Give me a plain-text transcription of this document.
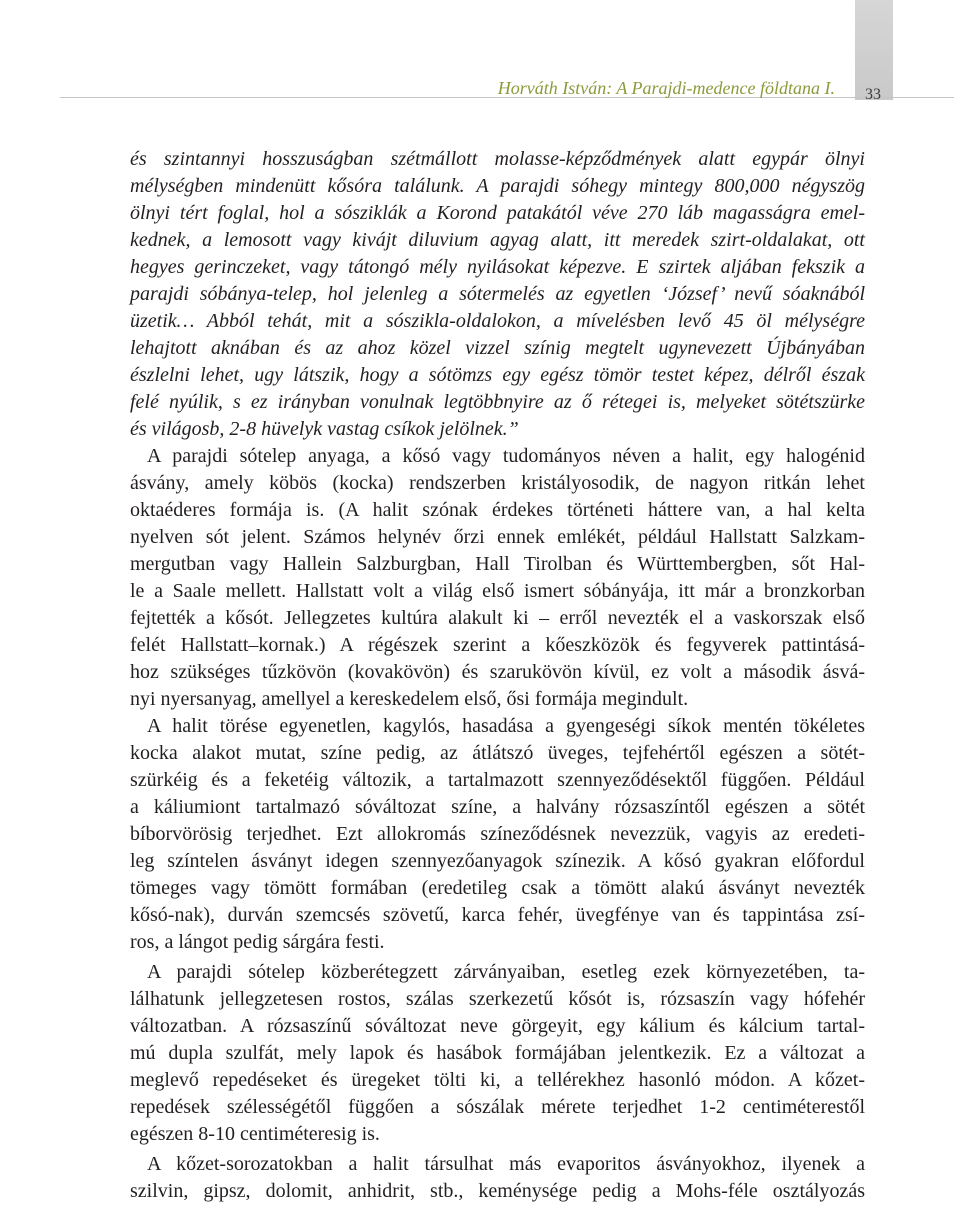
Horváth István: A Parajdi-medence földtana I. 33
és szintannyi hosszuságban szétmállott molasse-képződmények alatt egypár ölnyi
mélységben mindenütt kősóra találunk. A parajdi sóhegy mintegy 800,000 négyszög
ölnyi tért foglal, hol a sósziklák a Korond patakától véve 270 láb magasságra emel-
kednek, a lemosott vagy kivájt diluvium agyag alatt, itt meredek szirt-oldalakat, ott
hegyes gerinczeket, vagy tátongó mély nyilásokat képezve. E szirtek aljában fekszik a
parajdi sóbánya-telep, hol jelenleg a sótermelés az egyetlen ‘József’ nevű sóaknából
üzetik… Abból tehát, mit a sószikla-oldalokon, a mívelésben levő 45 öl mélységre
lehajtott aknában és az ahoz közel vizzel színig megtelt ugynevezett Újbányában
észlelni lehet, ugy látszik, hogy a sótömzs egy egész tömör testet képez, délről észak
felé nyúlik, s ez irányban vonulnak legtöbbnyire az ő rétegei is, melyeket sötétszürke
és világosb, 2-8 hüvelyk vastag csíkok jelölnek.”
A parajdi sótelep anyaga, a kősó vagy tudományos néven a halit, egy halogénid
ásvány, amely köbös (kocka) rendszerben kristályosodik, de nagyon ritkán lehet
oktaéderes formája is. (A halit szónak érdekes történeti háttere van, a hal kelta
nyelven sót jelent. Számos helynév őrzi ennek emlékét, például Hallstatt Salzkam-
mergutban vagy Hallein Salzburgban, Hall Tirolban és Württembergben, sőt Hal-
le a Saale mellett. Hallstatt volt a világ első ismert sóbányája, itt már a bronzkorban
fejtették a kősót. Jellegzetes kultúra alakult ki – erről nevezték el a vaskorszak első
felét Hallstatt–kornak.) A régészek szerint a kőeszközök és fegyverek pattintásá-
hoz szükséges tűzkövön (kovakövön) és szarukövön kívül, ez volt a második ásvá-
nyi nyersanyag, amellyel a kereskedelem első, ősi formája megindult.
A halit törése egyenetlen, kagylós, hasadása a gyengeségi síkok mentén tökéletes
kocka alakot mutat, színe pedig, az átlátszó üveges, tejfehértől egészen a sötét-
szürkéig és a feketéig változik, a tartalmazott szennyeződésektől függően. Például
a káliumiont tartalmazó sóváltozat színe, a halvány rózsaszíntől egészen a sötét
bíborvörösig terjedhet. Ezt allokromás színeződésnek nevezzük, vagyis az eredeti-
leg színtelen ásványt idegen szennyezőanyagok színezik. A kősó gyakran előfordul
tömeges vagy tömött formában (eredetileg csak a tömött alakú ásványt nevezték
kősó-nak), durván szemcsés szövetű, karca fehér, üvegfénye van és tappintása zsí-
ros, a lángot pedig sárgára festi.
A parajdi sótelep közberétegzett zárványaiban, esetleg ezek környezetében, ta-
lálhatunk jellegzetesen rostos, szálas szerkezetű kősót is, rózsaszín vagy hófehér
változatban. A rózsaszínű sóváltozat neve görgeyit, egy kálium és kálcium tartal-
mú dupla szulfát, mely lapok és hasábok formájában jelentkezik. Ez a változat a
meglevő repedéseket és üregeket tölti ki, a tellérekhez hasonló módon. A kőzet-
repedések szélességétől függően a sószálak mérete terjedhet 1-2 centiméterestől
egészen 8-10 centiméteresig is.
A kőzet-sorozatokban a halit társulhat más evaporitos ásványokhoz, ilyenek a
szilvin, gipsz, dolomit, anhidrit, stb., keménysége pedig a Mohs-féle osztályozás
